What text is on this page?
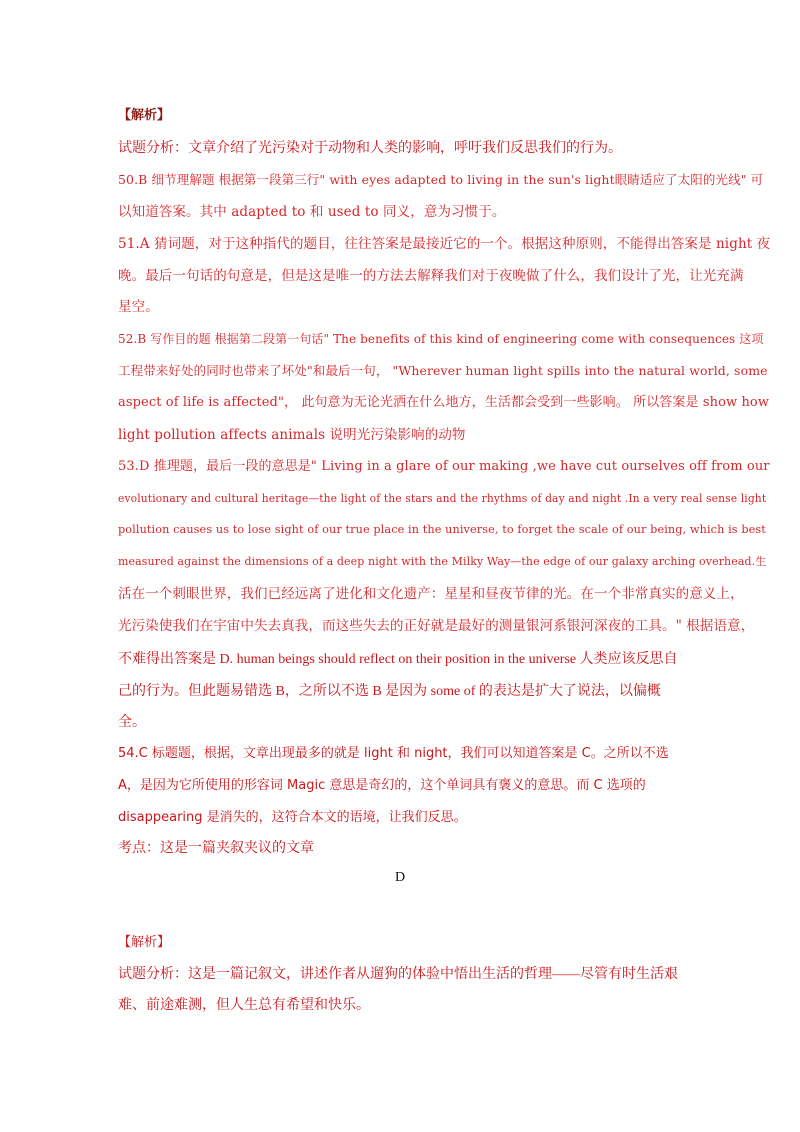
【解析】
试题分析：文章介绍了光污染对于动物和人类的影响，呼吁我们反思我们的行为。
50.B 细节理解题 根据第一段第三行" with eyes adapted to living in the sun's light眼睛适应了太阳的光线" 可
以知道答案。其中 adapted to 和 used to 同义，意为习惯于。
51.A 猜词题，对于这种指代的题目，往往答案是最接近它的一个。根据这种原则，不能得出答案是 night 夜
晚。最后一句话的句意是，但是这是唯一的方法去解释我们对于夜晚做了什么，我们设计了光，让光充满
星空。
52.B 写作目的题 根据第二段第一句话" The benefits of this kind of engineering come with consequences 这项
工程带来好处的同时也带来了坏处"和最后一句， "Wherever human light spills into the natural world, some
aspect of life is affected"， 此句意为无论光洒在什么地方，生活都会受到一些影响。 所以答案是 show how
light pollution affects animals 说明光污染影响的动物
53.D 推理题，最后一段的意思是" Living in a glare of our making ,we have cut ourselves off from our
evolutionary and cultural heritage—the light of the stars and the rhythms of day and night .In a very real sense light
pollution causes us to lose sight of our true place in the universe, to forget the scale of our being, which is best
measured against the dimensions of a deep night with the Milky Way—the edge of our galaxy arching overhead.生
活在一个刺眼世界，我们已经远离了进化和文化遗产：星星和昼夜节律的光。在一个非常真实的意义上，
光污染使我们在宇宙中失去真我，而这些失去的正好就是最好的测量银河系银河深夜的工具。" 根据语意，
不难得出答案是 D. human beings should reflect on their position in the universe 人类应该反思自
己的行为。但此题易错选 B，之所以不选 B 是因为 some of 的表达是扩大了说法，以偏概
全。
54.C 标题题，根据，文章出现最多的就是 light 和 night，我们可以知道答案是 C。之所以不选
A，是因为它所使用的形容词 Magic 意思是奇幻的，这个单词具有褒义的意思。而 C 选项的
disappearing 是消失的，这符合本文的语境，让我们反思。
考点：这是一篇夹叙夹议的文章
D
【解析】
试题分析：这是一篇记叙文，讲述作者从遛狗的体验中悟出生活的哲理——尽管有时生活艰
难、前途难测，但人生总有希望和快乐。
